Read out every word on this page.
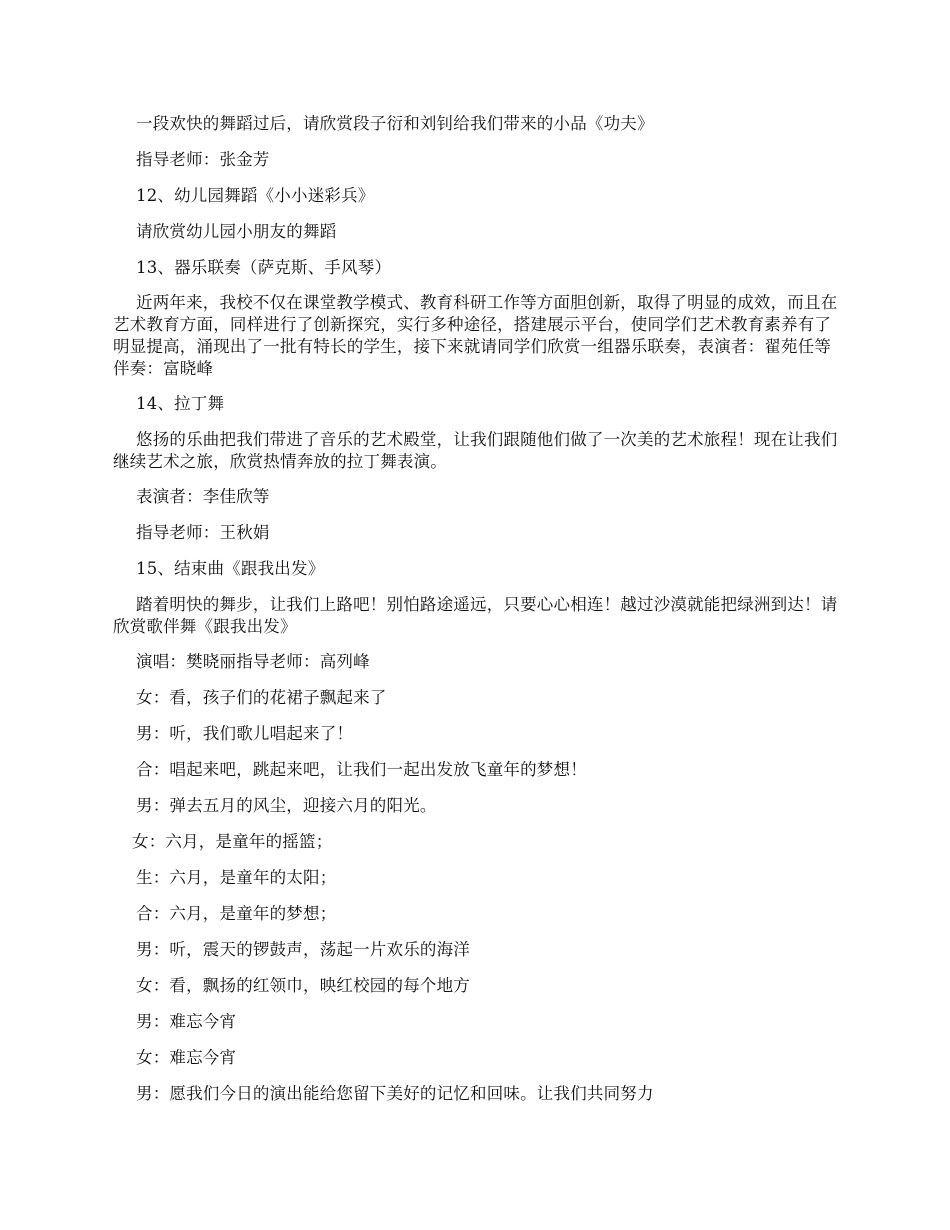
一段欢快的舞蹈过后，请欣赏段子衍和刘钊给我们带来的小品《功夫》

指导老师：张金芳

12、幼儿园舞蹈《小小迷彩兵》

请欣赏幼儿园小朋友的舞蹈

13、器乐联奏（萨克斯、手风琴）

近两年来，我校不仅在课堂教学模式、教育科研工作等方面胆创新，取得了明显的成效，而且在艺术教育方面，同样进行了创新探究，实行多种途径，搭建展示平台，使同学们艺术教育素养有了明显提高，涌现出了一批有特长的学生，接下来就请同学们欣赏一组器乐联奏，表演者：翟苑任等伴奏：富晓峰

14、拉丁舞

悠扬的乐曲把我们带进了音乐的艺术殿堂，让我们跟随他们做了一次美的艺术旅程！现在让我们继续艺术之旅，欣赏热情奔放的拉丁舞表演。

表演者：李佳欣等

指导老师：王秋娟

15、结束曲《跟我出发》

踏着明快的舞步，让我们上路吧！别怕路途遥远，只要心心相连！越过沙漠就能把绿洲到达！请欣赏歌伴舞《跟我出发》

演唱：樊晓丽指导老师：高列峰

女：看，孩子们的花裙子飘起来了

男：听，我们歌儿唱起来了！

合：唱起来吧，跳起来吧，让我们一起出发放飞童年的梦想！

男：弹去五月的风尘，迎接六月的阳光。

女：六月，是童年的摇篮；

生：六月，是童年的太阳；

合：六月，是童年的梦想；

男：听，震天的锣鼓声，荡起一片欢乐的海洋

女：看，飘扬的红领巾，映红校园的每个地方

男：难忘今宵

女：难忘今宵

男：愿我们今日的演出能给您留下美好的记忆和回味。让我们共同努力
